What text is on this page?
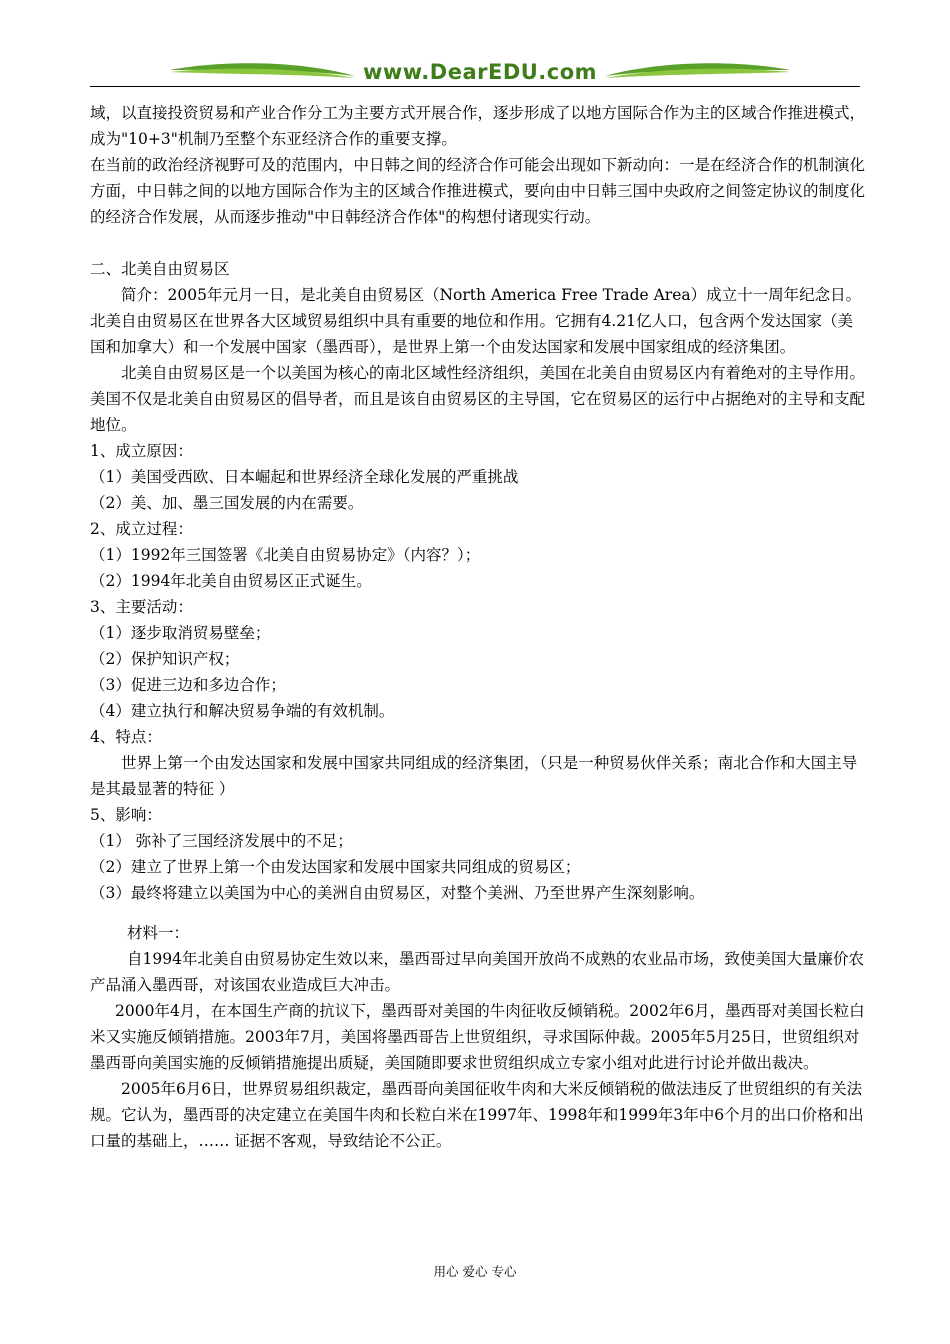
www.DearEDU.com

域，以直接投资贸易和产业合作分工为主要方式开展合作，逐步形成了以地方国际合作为主的区域合作推进模式，成为"10+3"机制乃至整个东亚经济合作的重要支撑。

在当前的政治经济视野可及的范围内，中日韩之间的经济合作可能会出现如下新动向：一是在经济合作的机制演化方面，中日韩之间的以地方国际合作为主的区域合作推进模式，要向由中日韩三国中央政府之间签定协议的制度化的经济合作发展，从而逐步推动"中日韩经济合作体"的构想付诸现实行动。

二、北美自由贸易区

简介：2005年元月一日，是北美自由贸易区（North America Free Trade Area）成立十一周年纪念日。北美自由贸易区在世界各大区域贸易组织中具有重要的地位和作用。它拥有4.21亿人口，包含两个发达国家（美国和加拿大）和一个发展中国家（墨西哥），是世界上第一个由发达国家和发展中国家组成的经济集团。

北美自由贸易区是一个以美国为核心的南北区域性经济组织，美国在北美自由贸易区内有着绝对的主导作用。美国不仅是北美自由贸易区的倡导者，而且是该自由贸易区的主导国，它在贸易区的运行中占据绝对的主导和支配地位。

1、成立原因：

（1）美国受西欧、日本崛起和世界经济全球化发展的严重挑战

（2）美、加、墨三国发展的内在需要。

2、成立过程：

（1）1992年三国签署《北美自由贸易协定》（内容？）；

（2）1994年北美自由贸易区正式诞生。

3、主要活动：

（1）逐步取消贸易壁垒；

（2）保护知识产权；

（3）促进三边和多边合作；

（4）建立执行和解决贸易争端的有效机制。

4、特点：

世界上第一个由发达国家和发展中国家共同组成的经济集团，（只是一种贸易伙伴关系；南北合作和大国主导是其最显著的特征 ）

5、影响：

（1） 弥补了三国经济发展中的不足；

（2）建立了世界上第一个由发达国家和发展中国家共同组成的贸易区；

（3）最终将建立以美国为中心的美洲自由贸易区，对整个美洲、乃至世界产生深刻影响。

材料一：

自1994年北美自由贸易协定生效以来，墨西哥过早向美国开放尚不成熟的农业品市场，致使美国大量廉价农产品涌入墨西哥，对该国农业造成巨大冲击。

2000年4月，在本国生产商的抗议下，墨西哥对美国的牛肉征收反倾销税。2002年6月，墨西哥对美国长粒白米又实施反倾销措施。2003年7月，美国将墨西哥告上世贸组织，寻求国际仲裁。2005年5月25日，世贸组织对墨西哥向美国实施的反倾销措施提出质疑，美国随即要求世贸组织成立专家小组对此进行讨论并做出裁决。

2005年6月6日，世界贸易组织裁定，墨西哥向美国征收牛肉和大米反倾销税的做法违反了世贸组织的有关法规。它认为，墨西哥的决定建立在美国牛肉和长粒白米在1997年、1998年和1999年3年中6个月的出口价格和出口量的基础上，…… 证据不客观，导致结论不公正。

用心 爱心 专心
